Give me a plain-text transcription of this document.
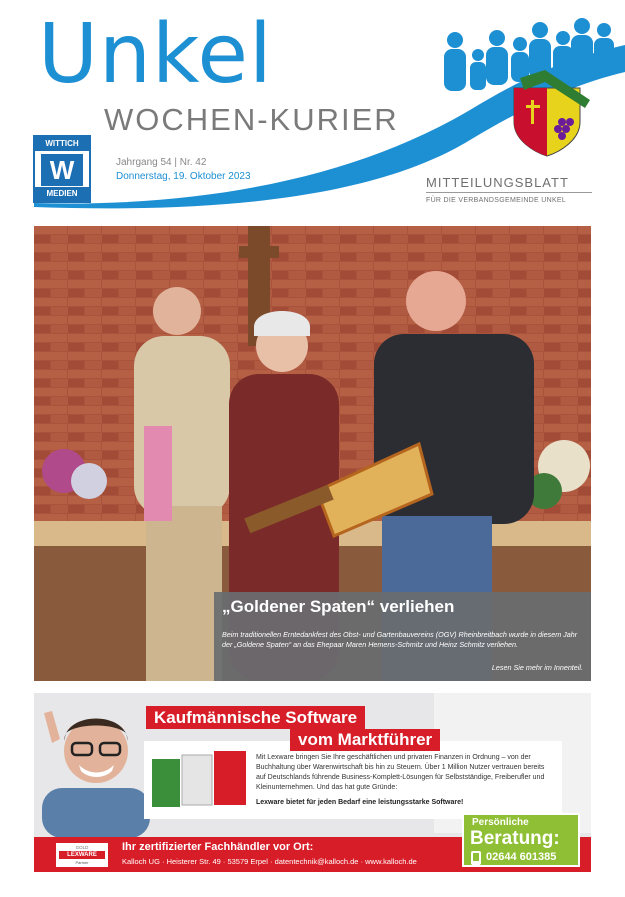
Unkel
WOCHEN-KURIER
WITTICH
W
MEDIEN
Jahrgang 54 | Nr. 42
Donnerstag, 19. Oktober 2023	MITTEILUNGSBLATT
FÜR DIE VERBANDSGEMEINDE UNKEL
„Goldener Spaten“ verliehen
Beim traditionellen Erntedankfest des Obst- und Gartenbauvereins (OGV) Rheinbreitbach wurde in diesem Jahr der „Goldene Spaten“ an das Ehepaar Maren Hemens-Schmitz und Heinz Schmitz verliehen.
Lesen Sie mehr im Innenteil.
Kaufmännische Software
Mit Lexware bringen Sie Ihre geschäftlichen und privaten Finanzen in Ordnung – von der Buchhaltung über Warenwirtschaft bis hin zu Steuern. Über 1 Million Nutzer vertrauen bereits auf Deutschlands führende Business-Komplett-Lösungen für Selbstständige, Freiberufler und Kleinunternehmen. Und das hat gute Gründe:
Lexware bietet für jeden Bedarf eine leistungsstarke Software!
vom Marktführer
Ihr zertifizierter Fachhändler vor Ort:
Kalloch UG · Heisterer Str. 49 · 53579 Erpel · datentechnik@kalloch.de · www.kalloch.de
GOLD
LEXWARE
Partner
Persönliche
Beratung:
02644 601385
